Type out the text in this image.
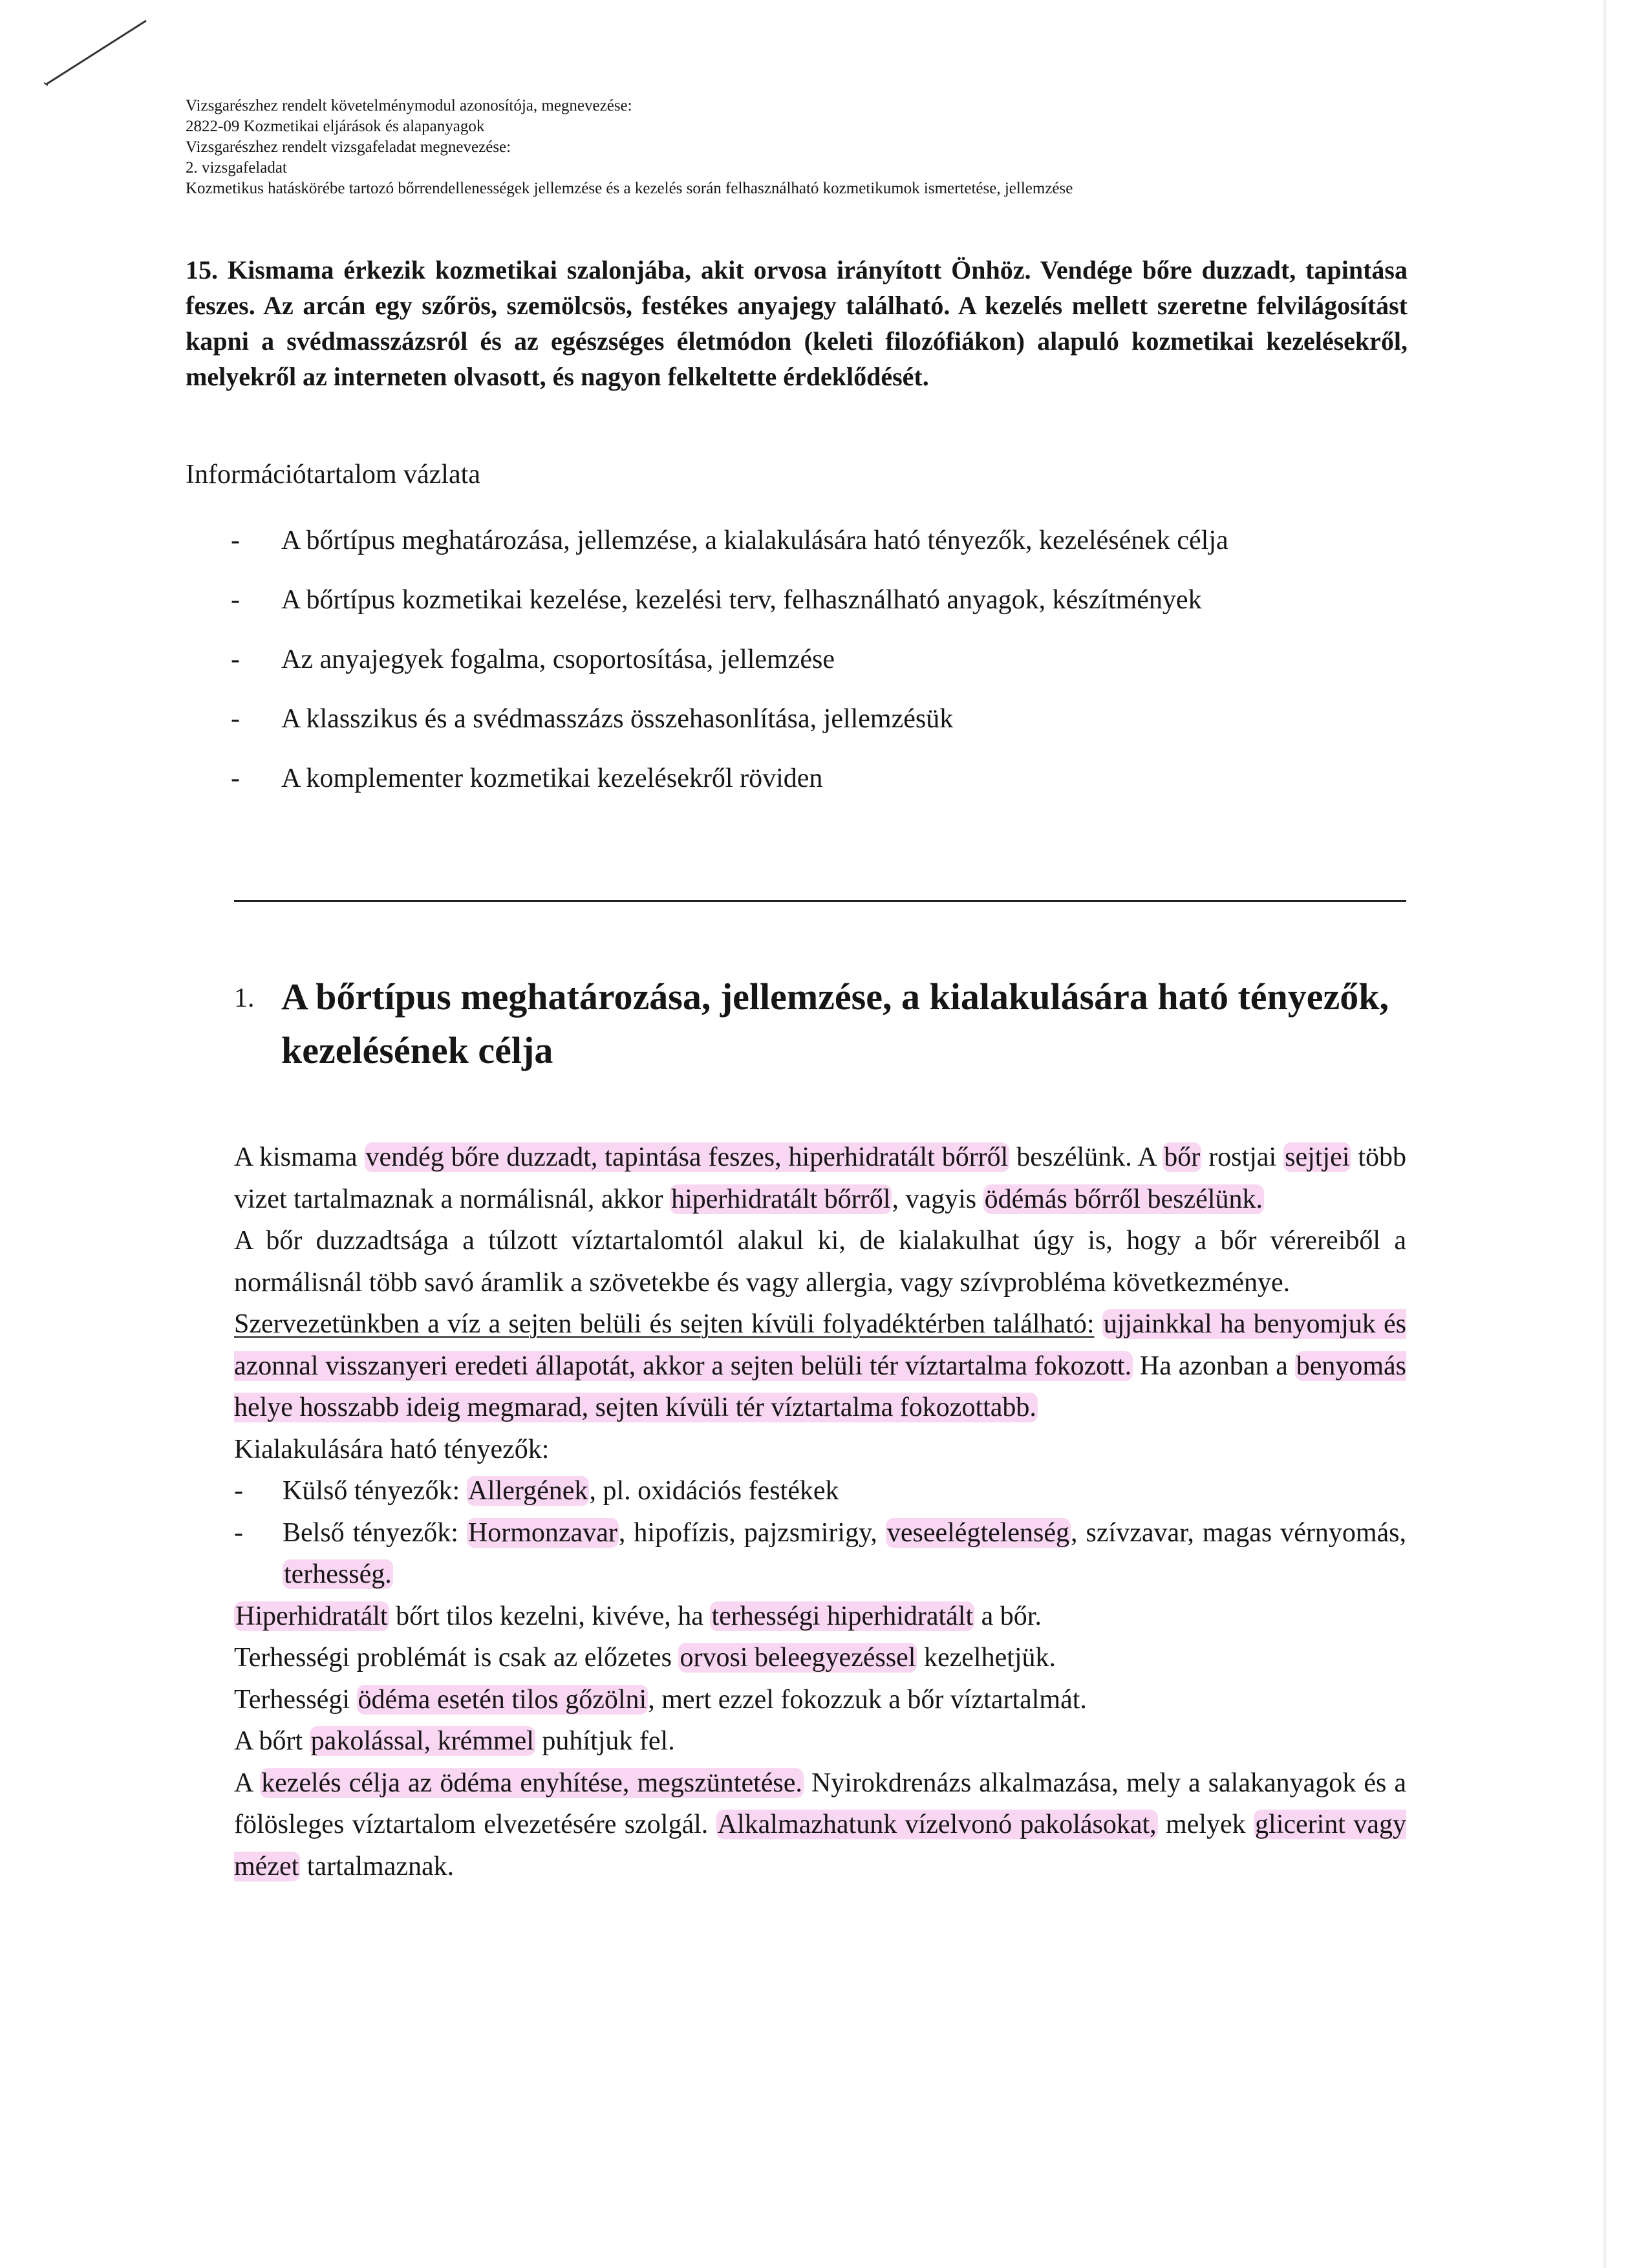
Vizsgarészhez rendelt követelménymodul azonosítója, megnevezése:
2822-09 Kozmetikai eljárások és alapanyagok
Vizsgarészhez rendelt vizsgafeladat megnevezése:
2. vizsgafeladat
Kozmetikus hatáskörébe tartozó bőrrendellenességek jellemzése és a kezelés során felhasználható kozmetikumok ismertetése, jellemzése
15. Kismama érkezik kozmetikai szalonjába, akit orvosa irányított Önhöz. Vendége bőre duzzadt, tapintása feszes. Az arcán egy szőrös, szemölcsös, festékes anyajegy található. A kezelés mellett szeretne felvilágosítást kapni a svédmasszázsról és az egészséges életmódon (keleti filozófiákon) alapuló kozmetikai kezelésekről, melyekről az interneten olvasott, és nagyon felkeltette érdeklődését.
Információtartalom vázlata
- A bőrtípus meghatározása, jellemzése, a kialakulására ható tényezők, kezelésének célja
- A bőrtípus kozmetikai kezelése, kezelési terv, felhasználható anyagok, készítmények
- Az anyajegyek fogalma, csoportosítása, jellemzése
- A klasszikus és a svédmasszázs összehasonlítása, jellemzésük
- A komplementer kozmetikai kezelésekről röviden
1. A bőrtípus meghatározása, jellemzése, a kialakulására ható tényezők, kezelésének célja
A kismama vendég bőre duzzadt, tapintása feszes, hiperhidratált bőrről beszélünk. A bőr rostjai sejtjei több vizet tartalmaznak a normálisnál, akkor hiperhidratált bőrről, vagyis ödémás bőrről beszélünk.
A bőr duzzadtsága a túlzott víztartalomtól alakul ki, de kialakulhat úgy is, hogy a bőr vérereiből a normálisnál több savó áramlik a szövetekbe és vagy allergia, vagy szívprobléma következménye.
Szervezetünkben a víz a sejten belüli és sejten kívüli folyadéktérben található: ujjainkkal ha benyomjuk és azonnal visszanyeri eredeti állapotát, akkor a sejten belüli tér víztartalma fokozott. Ha azonban a benyomás helye hosszabb ideig megmarad, sejten kívüli tér víztartalma fokozottabb.
Kialakulására ható tényezők:
- Külső tényezők: Allergének, pl. oxidációs festékek
- Belső tényezők: Hormonzavar, hipofízis, pajzsmirigy, veseelégtelenség, szívzavar, magas vérnyomás, terhesség.
Hiperhidratált bőrt tilos kezelni, kivéve, ha terhességi hiperhidratált a bőr.
Terhességi problémát is csak az előzetes orvosi beleegyezéssel kezelhetjük.
Terhességi ödéma esetén tilos gőzölni, mert ezzel fokozzuk a bőr víztartalmát.
A bőrt pakolással, krémmel puhítjuk fel.
A kezelés célja az ödéma enyhítése, megszüntetése. Nyirokdrenázs alkalmazása, mely a salakanyagok és a fölösleges víztartalom elvezetésére szolgál. Alkalmazhatunk vízelvonó pakolásokat, melyek glicerint vagy mézet tartalmaznak.
